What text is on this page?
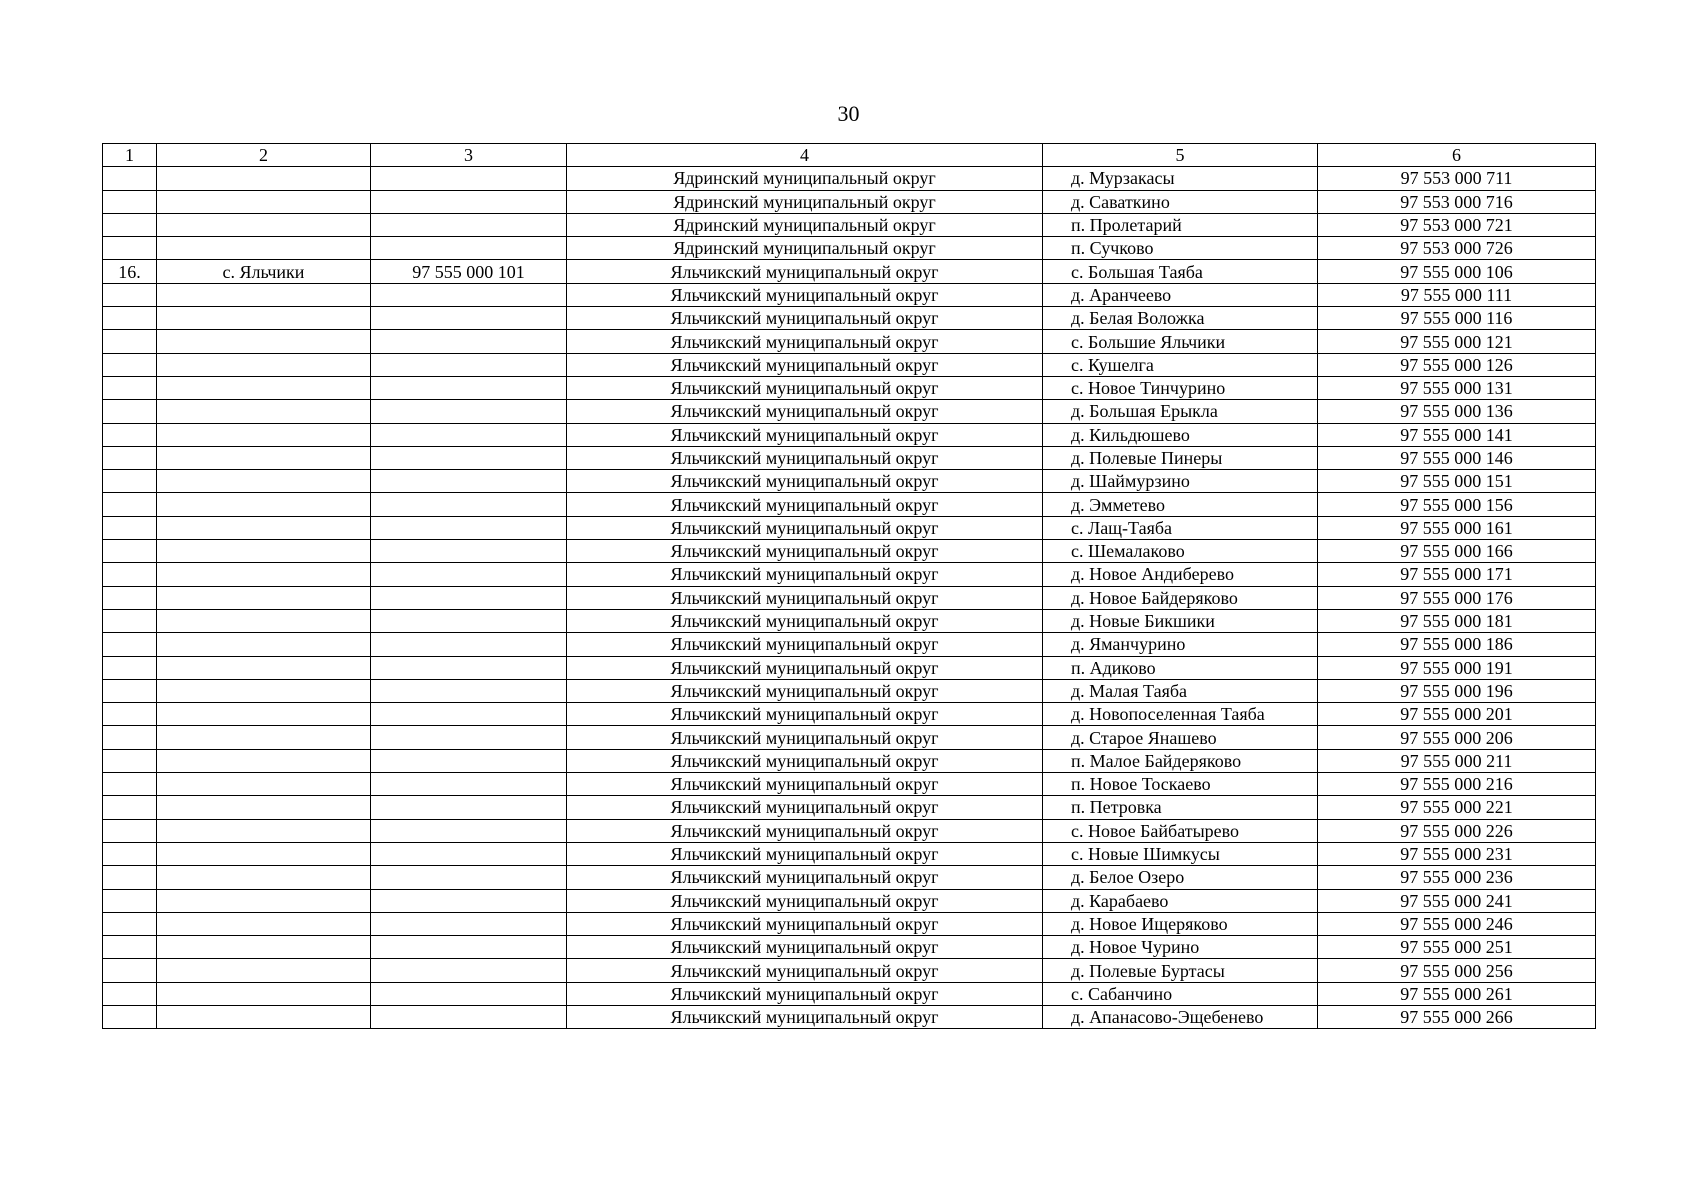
30
1	2	3	4	5	6
			Ядринский муниципальный округ	д. Мурзакасы	97 553 000 711
			Ядринский муниципальный округ	д. Саваткино	97 553 000 716
			Ядринский муниципальный округ	п. Пролетарий	97 553 000 721
			Ядринский муниципальный округ	п. Сучково	97 553 000 726
16.	с. Яльчики	97 555 000 101	Яльчикский муниципальный округ	с. Большая Таяба	97 555 000 106
			Яльчикский муниципальный округ	д. Аранчеево	97 555 000 111
			Яльчикский муниципальный округ	д. Белая Воложка	97 555 000 116
			Яльчикский муниципальный округ	с. Большие Яльчики	97 555 000 121
			Яльчикский муниципальный округ	с. Кушелга	97 555 000 126
			Яльчикский муниципальный округ	с. Новое Тинчурино	97 555 000 131
			Яльчикский муниципальный округ	д. Большая Ерыкла	97 555 000 136
			Яльчикский муниципальный округ	д. Кильдюшево	97 555 000 141
			Яльчикский муниципальный округ	д. Полевые Пинеры	97 555 000 146
			Яльчикский муниципальный округ	д. Шаймурзино	97 555 000 151
			Яльчикский муниципальный округ	д. Эмметево	97 555 000 156
			Яльчикский муниципальный округ	с. Лащ-Таяба	97 555 000 161
			Яльчикский муниципальный округ	с. Шемалаково	97 555 000 166
			Яльчикский муниципальный округ	д. Новое Андиберево	97 555 000 171
			Яльчикский муниципальный округ	д. Новое Байдеряково	97 555 000 176
			Яльчикский муниципальный округ	д. Новые Бикшики	97 555 000 181
			Яльчикский муниципальный округ	д. Яманчурино	97 555 000 186
			Яльчикский муниципальный округ	п. Адиково	97 555 000 191
			Яльчикский муниципальный округ	д. Малая Таяба	97 555 000 196
			Яльчикский муниципальный округ	д. Новопоселенная Таяба	97 555 000 201
			Яльчикский муниципальный округ	д. Старое Янашево	97 555 000 206
			Яльчикский муниципальный округ	п. Малое Байдеряково	97 555 000 211
			Яльчикский муниципальный округ	п. Новое Тоскаево	97 555 000 216
			Яльчикский муниципальный округ	п. Петровка	97 555 000 221
			Яльчикский муниципальный округ	с. Новое Байбатырево	97 555 000 226
			Яльчикский муниципальный округ	с. Новые Шимкусы	97 555 000 231
			Яльчикский муниципальный округ	д. Белое Озеро	97 555 000 236
			Яльчикский муниципальный округ	д. Карабаево	97 555 000 241
			Яльчикский муниципальный округ	д. Новое Ищеряково	97 555 000 246
			Яльчикский муниципальный округ	д. Новое Чурино	97 555 000 251
			Яльчикский муниципальный округ	д. Полевые Буртасы	97 555 000 256
			Яльчикский муниципальный округ	с. Сабанчино	97 555 000 261
			Яльчикский муниципальный округ	д. Апанасово-Эщебенево	97 555 000 266
